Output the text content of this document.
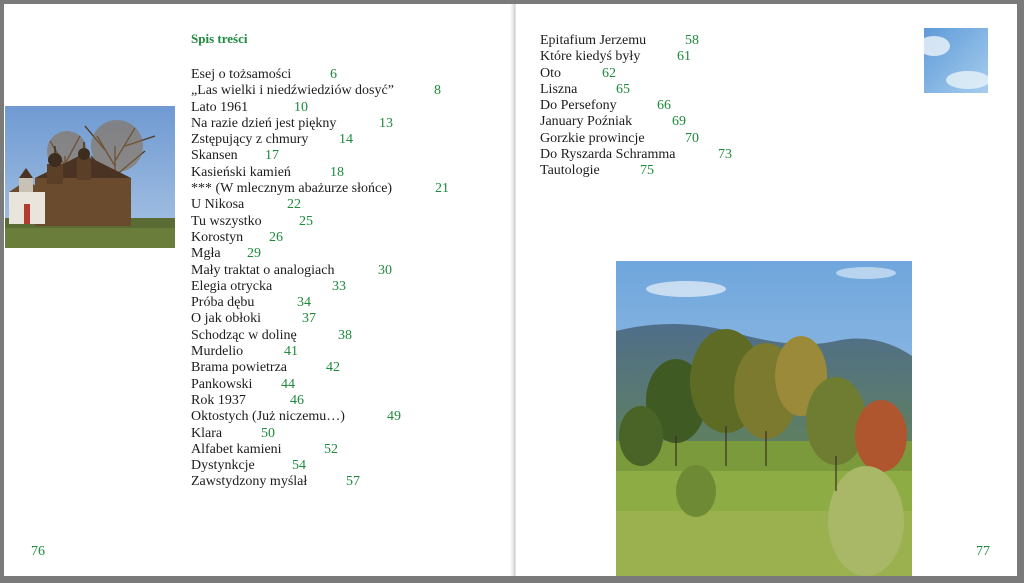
Spis treści
Esej o tożsamości	6
„Las wielki i niedźwiedziów dosyć”	8
Lato 1961	10
Na razie dzień jest piękny	13
Zstępujący z chmury 14
Skansen 17
Kasieński kamień	18
*** (W mlecznym abażurze słońce)	21
U Nikosa	22
Tu wszystko	25
Korostyn 26
Mgła 29
Mały traktat o analogiach	30
Elegia otrycka	33
Próba dębu	34
O jak obłoki	37
Schodząc w dolinę	38
Murdelio	41
Brama powietrza	42
Pankowski 44
Rok 1937	46
Oktostych (Już niczemu…)	49
Klara	50
Alfabet kamieni	52
Dystynkcje	54
Zawstydzony myślał	57
76
Epitafium Jerzemu	58
Które kiedyś były	61
Oto	62
Liszna	65
Do Persefony	66
January Poźniak	69
Gorzkie prowincje	70
Do Ryszarda Schramma	73
Tautologie	75
77
